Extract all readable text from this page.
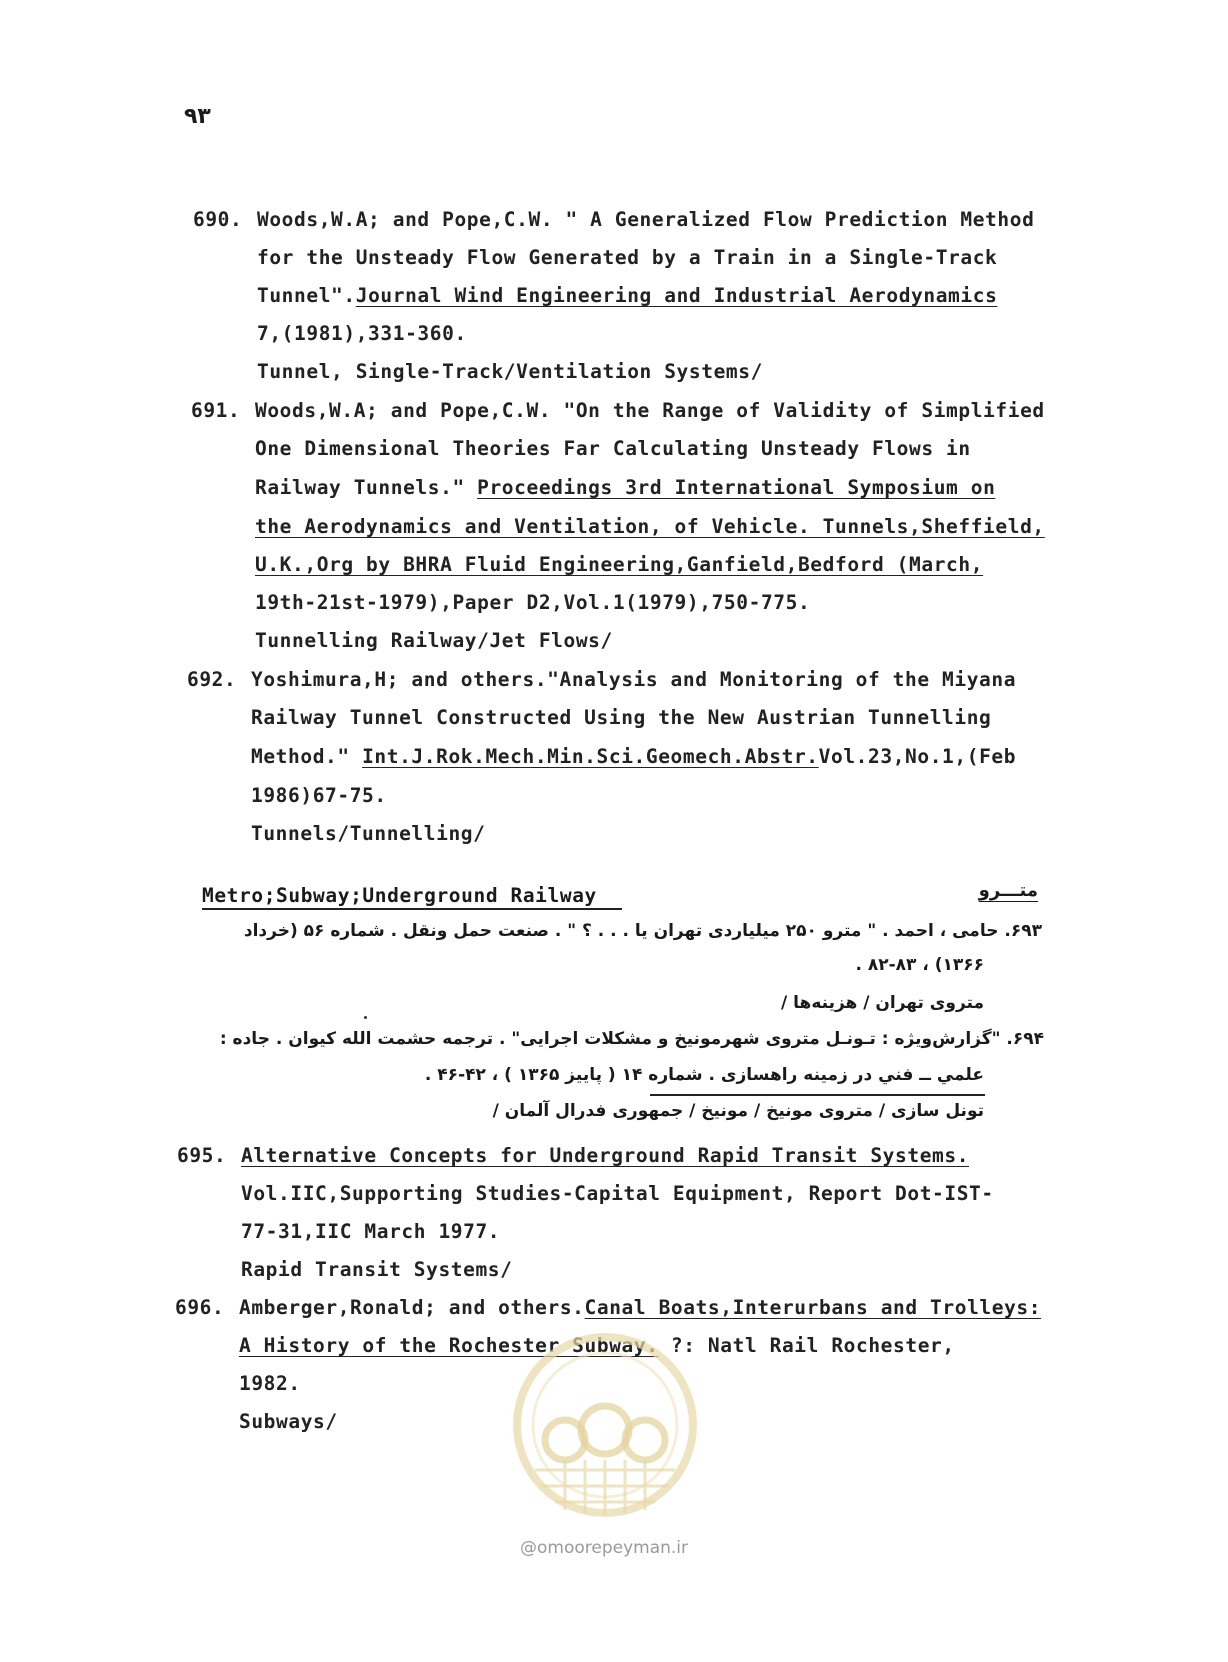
۹۳
690. Woods,W.A; and Pope,C.W. " A Generalized Flow Prediction Method
for the Unsteady Flow Generated by a Train in a Single-Track
Tunnel".Journal Wind Engineering and Industrial Aerodynamics
7,(1981),331-360.
Tunnel, Single-Track/Ventilation Systems/
691. Woods,W.A; and Pope,C.W. "On the Range of Validity of Simplified
One Dimensional Theories Far Calculating Unsteady Flows in
Railway Tunnels." Proceedings 3rd International Symposium on
the Aerodynamics and Ventilation, of Vehicle. Tunnels,Sheffield,
U.K.,Org by BHRA Fluid Engineering,Ganfield,Bedford (March,
19th-21st-1979),Paper D2,Vol.1(1979),750-775.
Tunnelling Railway/Jet Flows/
692. Yoshimura,H; and others."Analysis and Monitoring of the Miyana
Railway Tunnel Constructed Using the New Austrian Tunnelling
Method." Int.J.Rok.Mech.Min.Sci.Geomech.Abstr.Vol.23,No.1,(Feb
1986)67-75.
Tunnels/Tunnelling/
Metro;Subway;Underground Railway	متـــرو
۶۹۳. حامی ، احمد . " مترو ۲۵۰ میلیاردی تهران یا . . . ؟ " . صنعت حمل ونقل . شماره ۵۶ (خرداد
۱۳۶۶) ، ۸۲-۸۳ .
متروی تهران / هزینه‌ها /
۶۹۴. "گزارش‌ویژه : تـونـل متروی شهرمونیخ و مشکلات اجرایی" . ترجمه حشمت الله کیوان . جاده :
علمي ــ فني در زمینه راهسازی . شماره ۱۴ ( پاییز ۱۳۶۵ ) ، ۴۲-۴۶ .
تونل سازی / متروی مونیخ / مونیخ / جمهوری فدرال آلمان /
695. Alternative Concepts for Underground Rapid Transit Systems.
Vol.IIC,Supporting Studies-Capital Equipment, Report Dot-IST-
77-31,IIC March 1977.
Rapid Transit Systems/
696. Amberger,Ronald; and others.Canal Boats,Interurbans and Trolleys:
A History of the Rochester Subway. ?: Natl Rail Rochester,
1982.
Subways/
@omoorepeyman.ir
